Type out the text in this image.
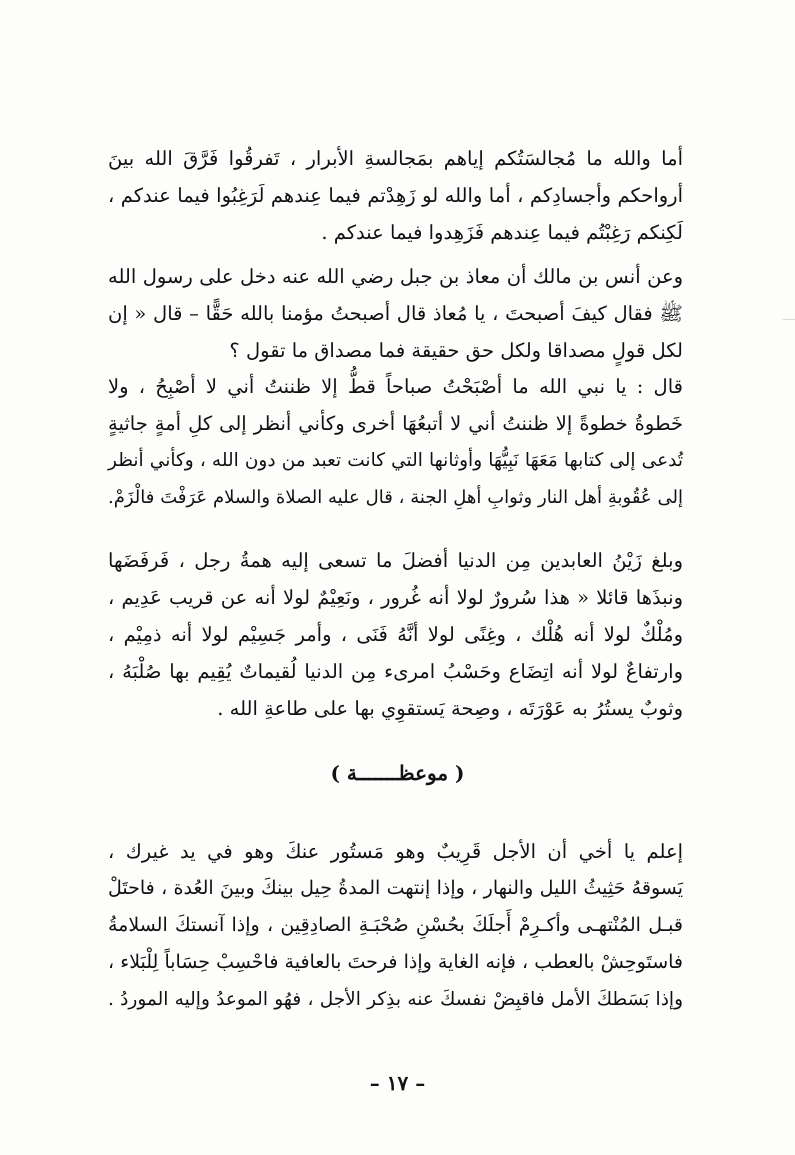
أما والله ما مُجالسَتُكم إياهم بمَجالسةِ الأبرار ، تَفرقُوا فَرَّقَ الله بينَ
أرواحكم وأجسادِكم ، أما والله لو زَهِدْتم فيما عِندهم لَرَغِبُوا فيما عندكم ،
لَكِنكم رَغِبْتُم فيما عِندهم فَزَهِدوا فيما عندكم .
وعن أنس بن مالك أن معاذ بن جبل رضي الله عنه دخل على رسول الله
ﷺ فقال كيفَ أصبحتَ ، يا مُعاذ قال أصبحتُ مؤمنا بالله حَقًّا – قال « إن
لكل قولٍ مصداقا ولكل حق حقيقة فما مصداق ما تقول ؟
قال : يا نبي الله ما أصْبَحْتُ صباحاً قطُّ إلا ظننتُ أني لا أصْبِحُ ، ولا
خَطوةُ خطوةً إلا ظننتُ أني لا أتبعُهَا أخرى وكأني أنظر إلى كلِ أمةٍ جاثيةٍ
تُدعى إلى كتابها مَعَهَا نَبِيُّهَا وأوثانها التي كانت تعبد من دون الله ، وكأني أنظر
إلى عُقُوبةِ أهل النار وثوابِ أهلِ الجنة ، قال عليه الصلاة والسلام عَرَفْتَ فالْزَمْ.
وبلغ زَيْنُ العابدين مِن الدنيا أفضلَ ما تسعى إليه همةُ رجل ، فَرفَضَها
ونبذَها قائلا « هذا سُرورٌ لولا أنه غُرور ، ونَعِيْمٌ لولا أنه عن قريب عَدِيم ،
ومُلْكٌ لولا أنه هُلْك ، وغِنًى لولا أنَّهُ فَنَى ، وأمر جَسِيْم لولا أنه ذمِيْم ،
وارتفاعٌ لولا أنه اتِضَاع وحَسْبُ امرىء مِن الدنيا لُقيماتٌ يُقِيم بها صُلْبَهُ ،
وثوبٌ يستُرُ به عَوْرَتَه ، وصِحة يَستقوِي بها على طاعةِ الله .
( موعظـــــــة )
إعلم يا أخي أن الأجل قَرِيبٌ وهو مَستُور عنكَ وهو في يد غيرك ،
يَسوقهُ حَثِيثُ الليل والنهار ، وإذا إنتهت المدةُ حِيل بينكَ وبينَ العُدة ، فاحتَلْ
قبـل المُنْتهـى وأكـرِمْ أَجلَكَ بحُسْنِ صُحْبَـةِ الصادِقِين ، وإذا آنستكَ السلامةُ
فاستَوحِشْ بالعطب ، فإنه الغاية وإذا فرحتَ بالعافية فاحْسِبْ حِسَاباً لِلْبَلاء ،
وإذا بَسَطكَ الأمل فاقبِضْ نفسكَ عنه بذِكر الأجل ، فهُو الموعدُ وإليه الموردُ .
– ١٧ –
